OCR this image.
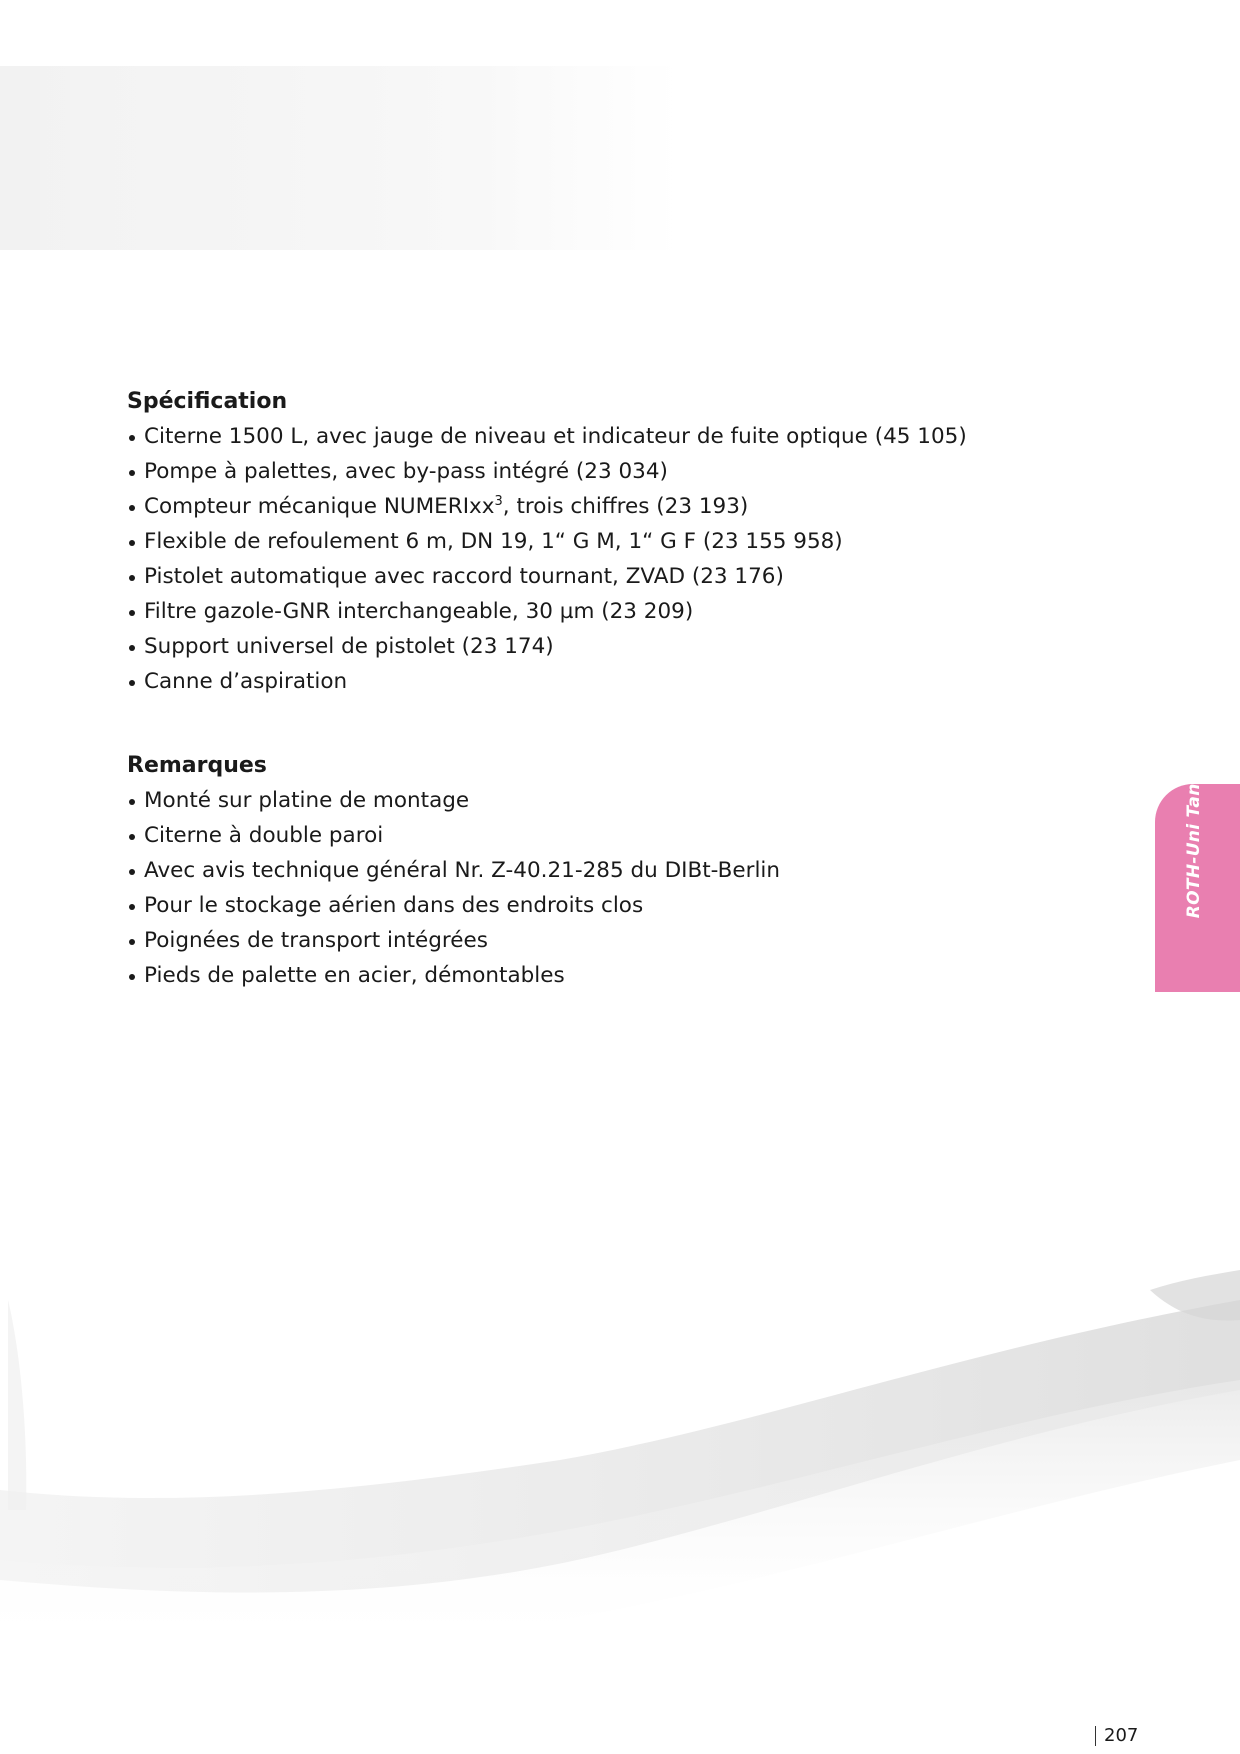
Spécification
Citerne 1500 L, avec jauge de niveau et indicateur de fuite optique (45 105)
Pompe à palettes, avec by-pass intégré (23 034)
Compteur mécanique NUMERIxx$^3$, trois chiffres (23 193)
Flexible de refoulement 6 m, DN 19, 1“ G M, 1“ G F (23 155 958)
Pistolet automatique avec raccord tournant, ZVAD (23 176)
Filtre gazole-GNR interchangeable, 30 µm (23 209)
Support universel de pistolet (23 174)
Canne d’aspiration
Remarques
Monté sur platine de montage
Citerne à double paroi
Avec avis technique général Nr. Z-40.21-285 du DIBt-Berlin
Pour le stockage aérien dans des endroits clos
Poignées de transport intégrées
Pieds de palette en acier, démontables
ROTH-Uni Tank
207
